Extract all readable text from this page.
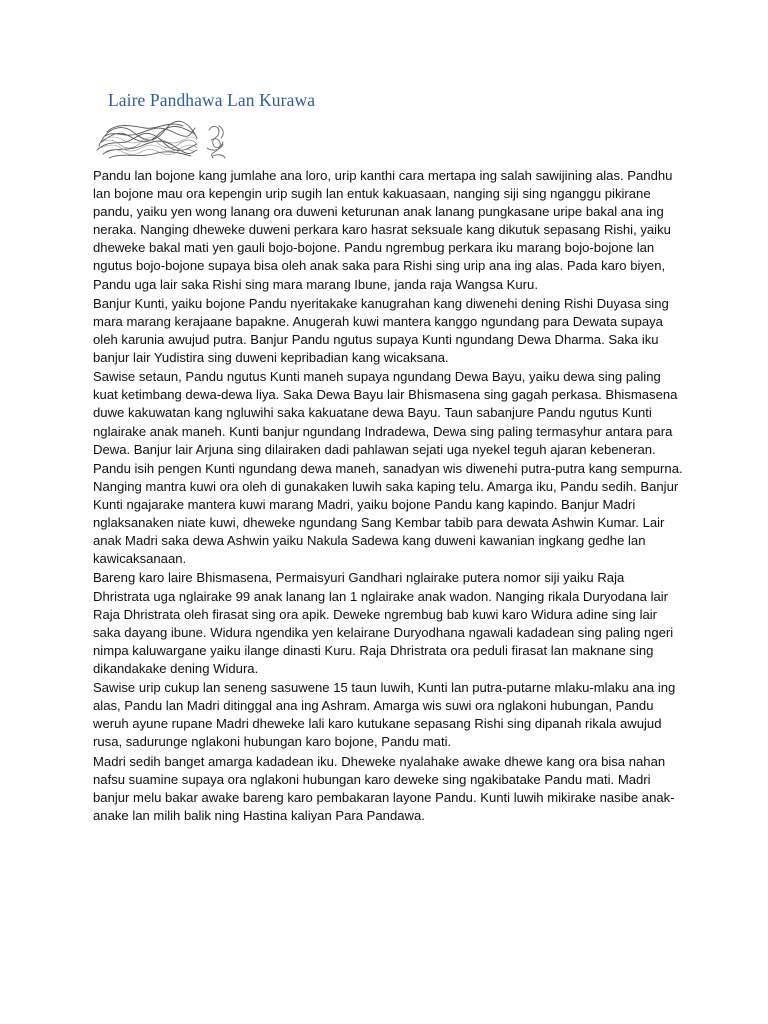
Laire Pandhawa Lan Kurawa

Pandu lan bojone kang jumlahe ana loro, urip kanthi cara mertapa ing salah sawijining alas. Pandhu lan bojone mau ora kepengin urip sugih lan entuk kakuasaan, nanging siji sing nganggu pikirane pandu, yaiku yen wong lanang ora duweni keturunan anak lanang pungkasane uripe bakal ana ing neraka. Nanging dheweke duweni perkara karo hasrat seksuale kang dikutuk sepasang Rishi, yaiku dheweke bakal mati yen gauli bojo-bojone. Pandu ngrembug perkara iku marang bojo-bojone lan ngutus bojo-bojone supaya bisa oleh anak saka para Rishi sing urip ana ing alas. Pada karo biyen, Pandu uga lair saka Rishi sing mara marang Ibune, janda raja Wangsa Kuru.

Banjur Kunti, yaiku bojone Pandu nyeritakake kanugrahan kang diwenehi dening Rishi Duyasa sing mara marang kerajaane bapakne. Anugerah kuwi mantera kanggo ngundang para Dewata supaya oleh karunia awujud putra. Banjur Pandu ngutus supaya Kunti ngundang Dewa Dharma. Saka iku banjur lair Yudistira sing duweni kepribadian kang wicaksana.

Sawise setaun, Pandu ngutus Kunti maneh supaya ngundang Dewa Bayu, yaiku dewa sing paling kuat ketimbang dewa-dewa liya. Saka Dewa Bayu lair Bhismasena sing gagah perkasa. Bhismasena duwe kakuwatan kang ngluwihi saka kakuatane dewa Bayu. Taun sabanjure Pandu ngutus Kunti nglairake anak maneh. Kunti banjur ngundang Indradewa, Dewa sing paling termasyhur antara para Dewa. Banjur lair Arjuna sing dilairaken dadi pahlawan sejati uga nyekel teguh ajaran kebeneran.

Pandu isih pengen Kunti ngundang dewa maneh, sanadyan wis diwenehi putra-putra kang sempurna. Nanging mantra kuwi ora oleh di gunakaken luwih saka kaping telu. Amarga iku, Pandu sedih. Banjur Kunti ngajarake mantera kuwi marang Madri, yaiku bojone Pandu kang kapindo. Banjur Madri nglaksanaken niate kuwi, dheweke ngundang Sang Kembar tabib para dewata Ashwin Kumar. Lair anak Madri saka dewa Ashwin yaiku Nakula Sadewa kang duweni kawanian ingkang gedhe lan kawicaksanaan.

Bareng karo laire Bhismasena, Permaisyuri Gandhari nglairake putera nomor siji yaiku Raja Dhristrata uga nglairake 99 anak lanang lan 1 nglairake anak wadon. Nanging rikala Duryodana lair Raja Dhristrata oleh firasat sing ora apik. Deweke ngrembug bab kuwi karo Widura adine sing lair saka dayang ibune. Widura ngendika yen kelairane Duryodhana ngawali kadadean sing paling ngeri nimpa kaluwargane yaiku ilange dinasti Kuru. Raja Dhristrata ora peduli firasat lan maknane sing dikandakake dening Widura.

Sawise urip cukup lan seneng sasuwene 15 taun luwih, Kunti lan putra-putarne mlaku-mlaku ana ing alas, Pandu lan Madri ditinggal ana ing Ashram. Amarga wis suwi ora nglakoni hubungan, Pandu weruh ayune rupane Madri dheweke lali karo kutukane sepasang Rishi sing dipanah rikala awujud rusa, sadurunge nglakoni hubungan karo bojone, Pandu mati.

Madri sedih banget amarga kadadean iku. Dheweke nyalahake awake dhewe kang ora bisa nahan nafsu suamine supaya ora nglakoni hubungan karo deweke sing ngakibatake Pandu mati. Madri banjur melu bakar awake bareng karo pembakaran layone Pandu. Kunti luwih mikirake nasibe anak-anake lan milih balik ning Hastina kaliyan Para Pandawa.
